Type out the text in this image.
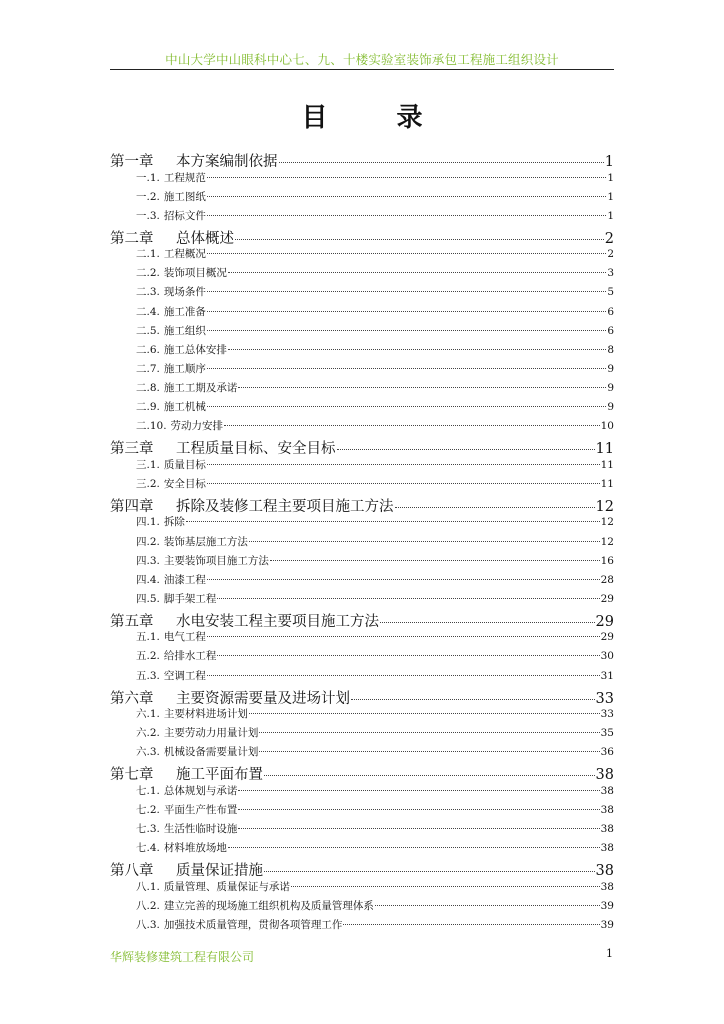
中山大学中山眼科中心七、九、十楼实验室装饰承包工程施工组织设计
目 录
第一章	本方案编制依据	1
一.1. 工程规范	1
一.2. 施工图纸	1
一.3. 招标文件	1
第二章	总体概述	2
二.1. 工程概况	2
二.2. 装饰项目概况	3
二.3. 现场条件	5
二.4. 施工准备	6
二.5. 施工组织	6
二.6. 施工总体安排	8
二.7. 施工顺序	9
二.8. 施工工期及承诺	9
二.9. 施工机械	9
二.10. 劳动力安排	10
第三章	工程质量目标、安全目标	11
三.1. 质量目标	11
三.2. 安全目标	11
第四章	拆除及装修工程主要项目施工方法	12
四.1. 拆除	12
四.2. 装饰基层施工方法	12
四.3. 主要装饰项目施工方法	16
四.4. 油漆工程	28
四.5. 脚手架工程	29
第五章	水电安装工程主要项目施工方法	29
五.1. 电气工程	29
五.2. 给排水工程	30
五.3. 空调工程	31
第六章	主要资源需要量及进场计划	33
六.1. 主要材料进场计划	33
六.2. 主要劳动力用量计划	35
六.3. 机械设备需要量计划	36
第七章	施工平面布置	38
七.1. 总体规划与承诺	38
七.2. 平面生产性布置	38
七.3. 生活性临时设施	38
七.4. 材料堆放场地	38
第八章	质量保证措施	38
八.1. 质量管理、质量保证与承诺	38
八.2. 建立完善的现场施工组织机构及质量管理体系	39
八.3. 加强技术质量管理，贯彻各项管理工作	39
华辉装修建筑工程有限公司	1
